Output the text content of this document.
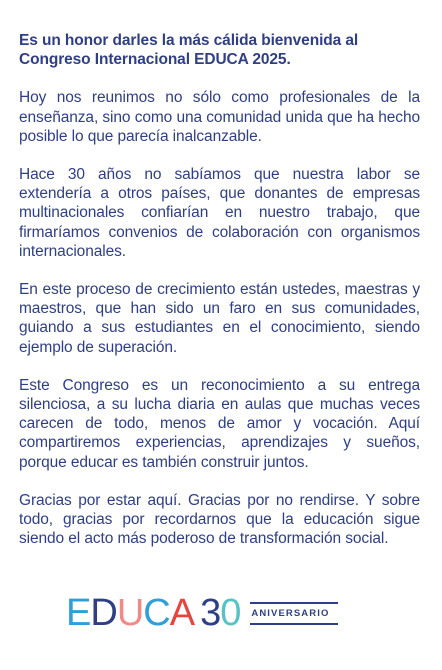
Es un honor darles la más cálida bienvenida al Congreso Internacional EDUCA 2025.

Hoy nos reunimos no sólo como profesionales de la enseñanza, sino como una comunidad unida que ha hecho posible lo que parecía inalcanzable.

Hace 30 años no sabíamos que nuestra labor se extendería a otros países, que donantes de empresas multinacionales confiarían en nuestro trabajo, que firmaríamos convenios de colaboración con organismos internacionales.

En este proceso de crecimiento están ustedes, maestras y maestros, que han sido un faro en sus comunidades, guiando a sus estudiantes en el conocimiento, siendo ejemplo de superación.

Este Congreso es un reconocimiento a su entrega silenciosa, a su lucha diaria en aulas que muchas veces carecen de todo, menos de amor y vocación. Aquí compartiremos experiencias, aprendizajes y sueños, porque educar es también construir juntos.

Gracias por estar aquí. Gracias por no rendirse. Y sobre todo, gracias por recordarnos que la educación sigue siendo el acto más poderoso de transformación social.

E D U C A 3 0 ANIVERSARIO
